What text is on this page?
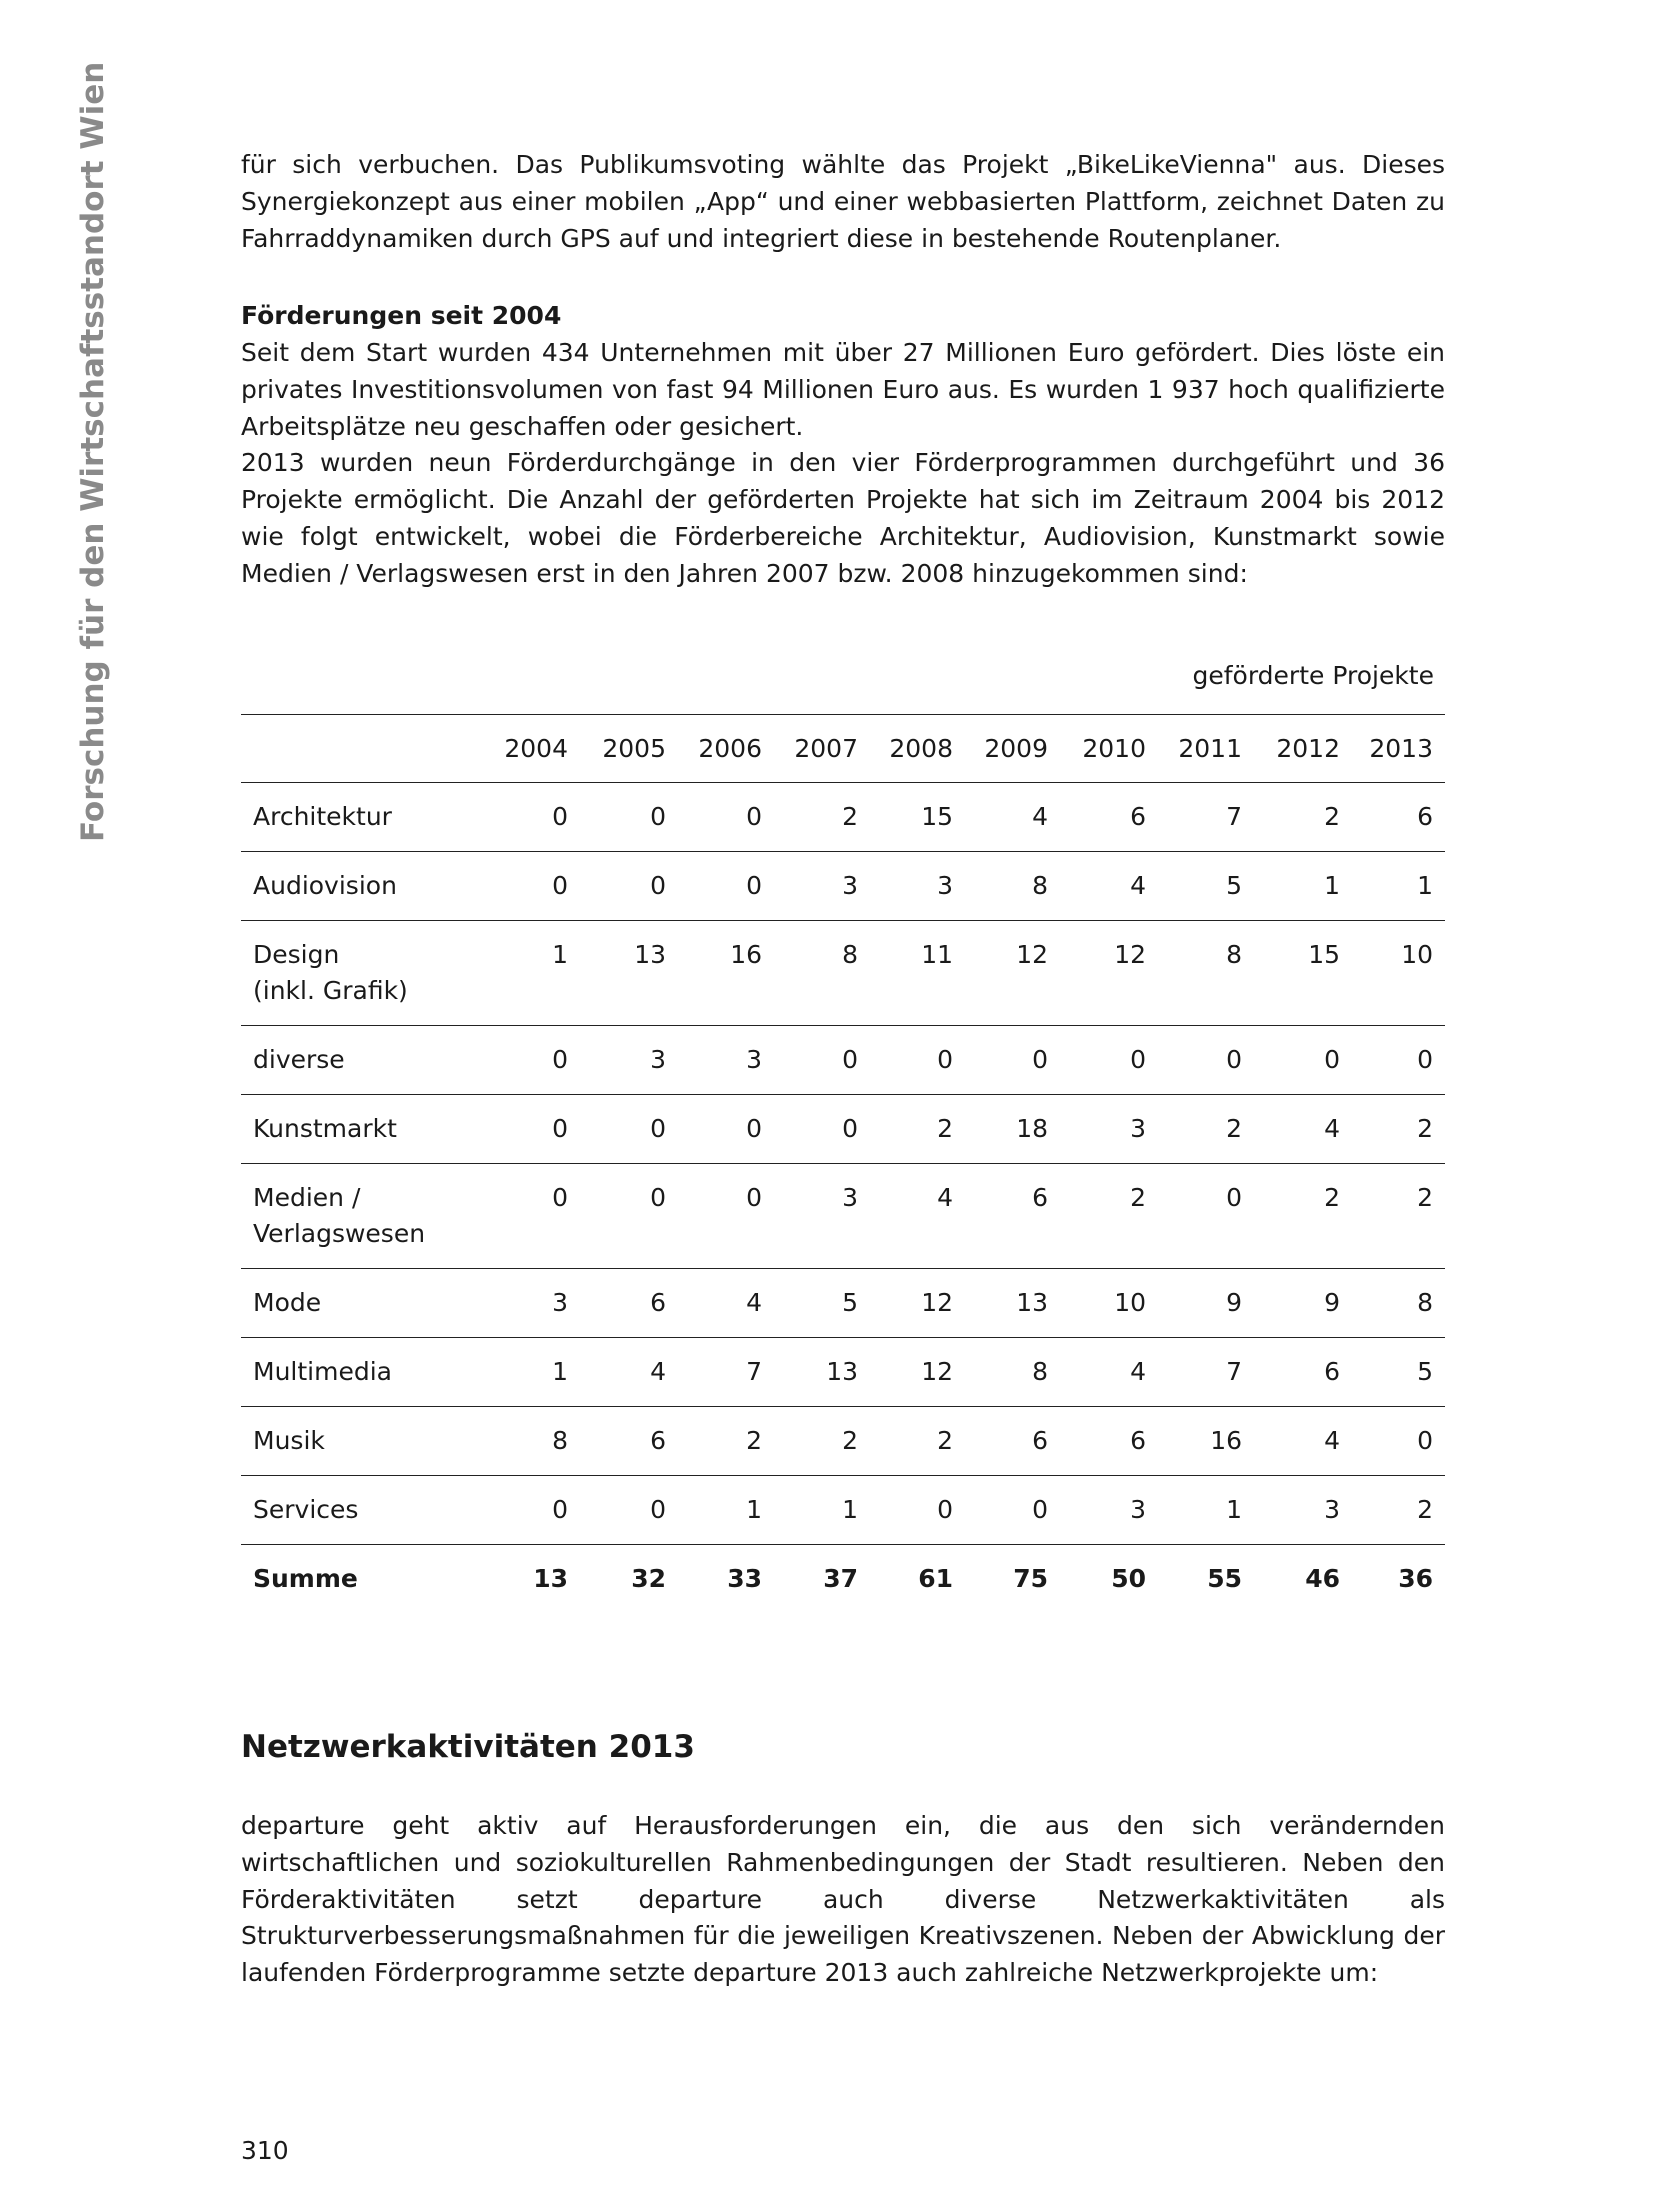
Forschung für den Wirtschaftsstandort Wien	für sich verbuchen. Das Publikumsvoting wählte das Projekt „BikeLikeVienna" aus. Dieses Synergiekonzept aus einer mobilen „App“ und einer webbasierten Plattform, zeichnet Daten zu Fahrraddynamiken durch GPS auf und integriert diese in bestehende Routenplaner.

Förderungen seit 2004

Seit dem Start wurden 434 Unternehmen mit über 27 Millionen Euro gefördert. Dies löste ein privates Investitionsvolumen von fast 94 Millionen Euro aus. Es wurden 1 937 hoch qualifizierte Arbeitsplätze neu geschaffen oder gesichert.

2013 wurden neun Förderdurchgänge in den vier Förderprogrammen durchgeführt und 36 Projekte ermöglicht. Die Anzahl der geförderten Projekte hat sich im Zeitraum 2004 bis 2012 wie folgt entwickelt, wobei die Förderbereiche Architektur, Audiovision, Kunstmarkt sowie Medien / Verlagswesen erst in den Jahren 2007 bzw. 2008 hinzugekommen sind:

geförderte Projekte
	2004	2005	2006	2007	2008	2009	2010	2011	2012	2013
Architektur	0	0	0	2	15	4	6	7	2	6
Audiovision	0	0	0	3	3	8	4	5	1	1
Design
(inkl. Grafik)	1	13	16	8	11	12	12	8	15	10
diverse	0	3	3	0	0	0	0	0	0	0
Kunstmarkt	0	0	0	0	2	18	3	2	4	2
Medien /
Verlagswesen	0	0	0	3	4	6	2	0	2	2
Mode	3	6	4	5	12	13	10	9	9	8
Multimedia	1	4	7	13	12	8	4	7	6	5
Musik	8	6	2	2	2	6	6	16	4	0
Services	0	0	1	1	0	0	3	1	3	2
Summe	13	32	33	37	61	75	50	55	46	36
Netzwerkaktivitäten 2013

departure geht aktiv auf Herausforderungen ein, die aus den sich verändernden wirtschaftlichen und soziokulturellen Rahmenbedingungen der Stadt resultieren. Neben den Förderaktivitäten setzt departure auch diverse Netzwerkaktivitäten als Strukturverbesserungsmaßnahmen für die jeweiligen Kreativszenen. Neben der Abwicklung der laufenden Förderprogramme setzte departure 2013 auch zahlreiche Netzwerkprojekte um:

310
